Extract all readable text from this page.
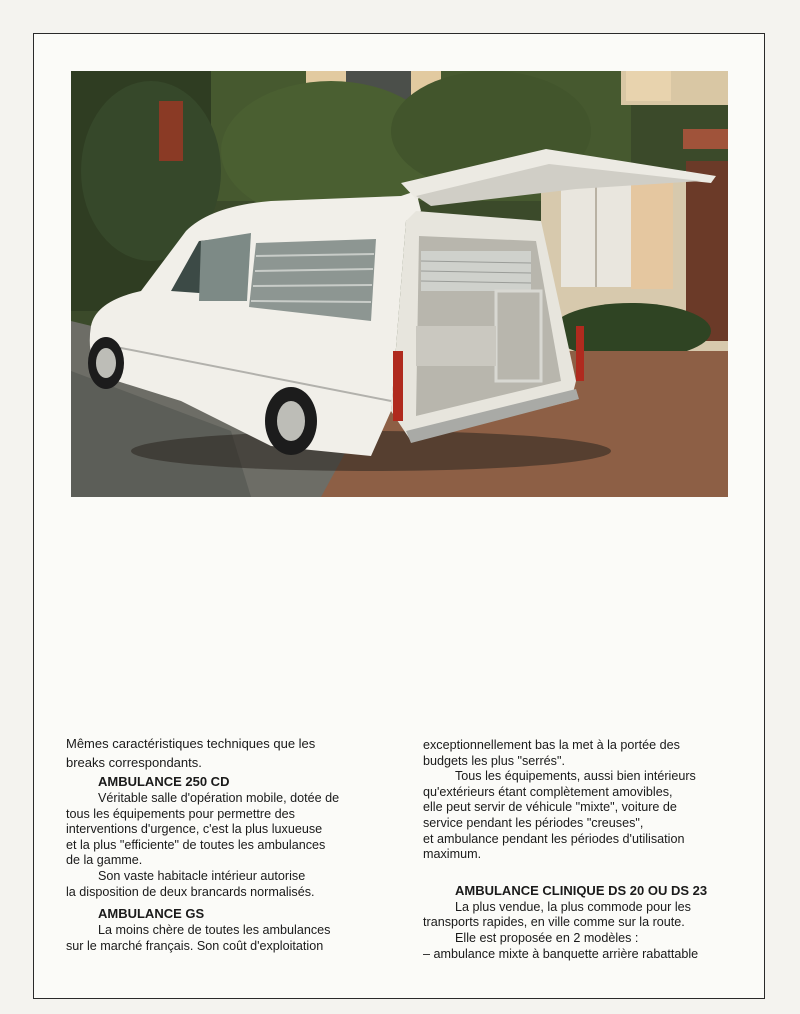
Mêmes caractéristiques techniques que les

breaks correspondants.

AMBULANCE 250 CD

Véritable salle d'opération mobile, dotée de

tous les équipements pour permettre des

interventions d'urgence, c'est la plus luxueuse

et la plus "efficiente" de toutes les ambulances

de la gamme.

Son vaste habitacle intérieur autorise

la disposition de deux brancards normalisés.

AMBULANCE GS

La moins chère de toutes les ambulances

sur le marché français. Son coût d'exploitation

exceptionnellement bas la met à la portée des

budgets les plus "serrés".

Tous les équipements, aussi bien intérieurs

qu'extérieurs étant complètement amovibles,

elle peut servir de véhicule "mixte", voiture de

service pendant les périodes "creuses",

et ambulance pendant les périodes d'utilisation

maximum.

AMBULANCE CLINIQUE DS 20 OU DS 23

La plus vendue, la plus commode pour les

transports rapides, en ville comme sur la route.

Elle est proposée en 2 modèles :

– ambulance mixte à banquette arrière rabattable
